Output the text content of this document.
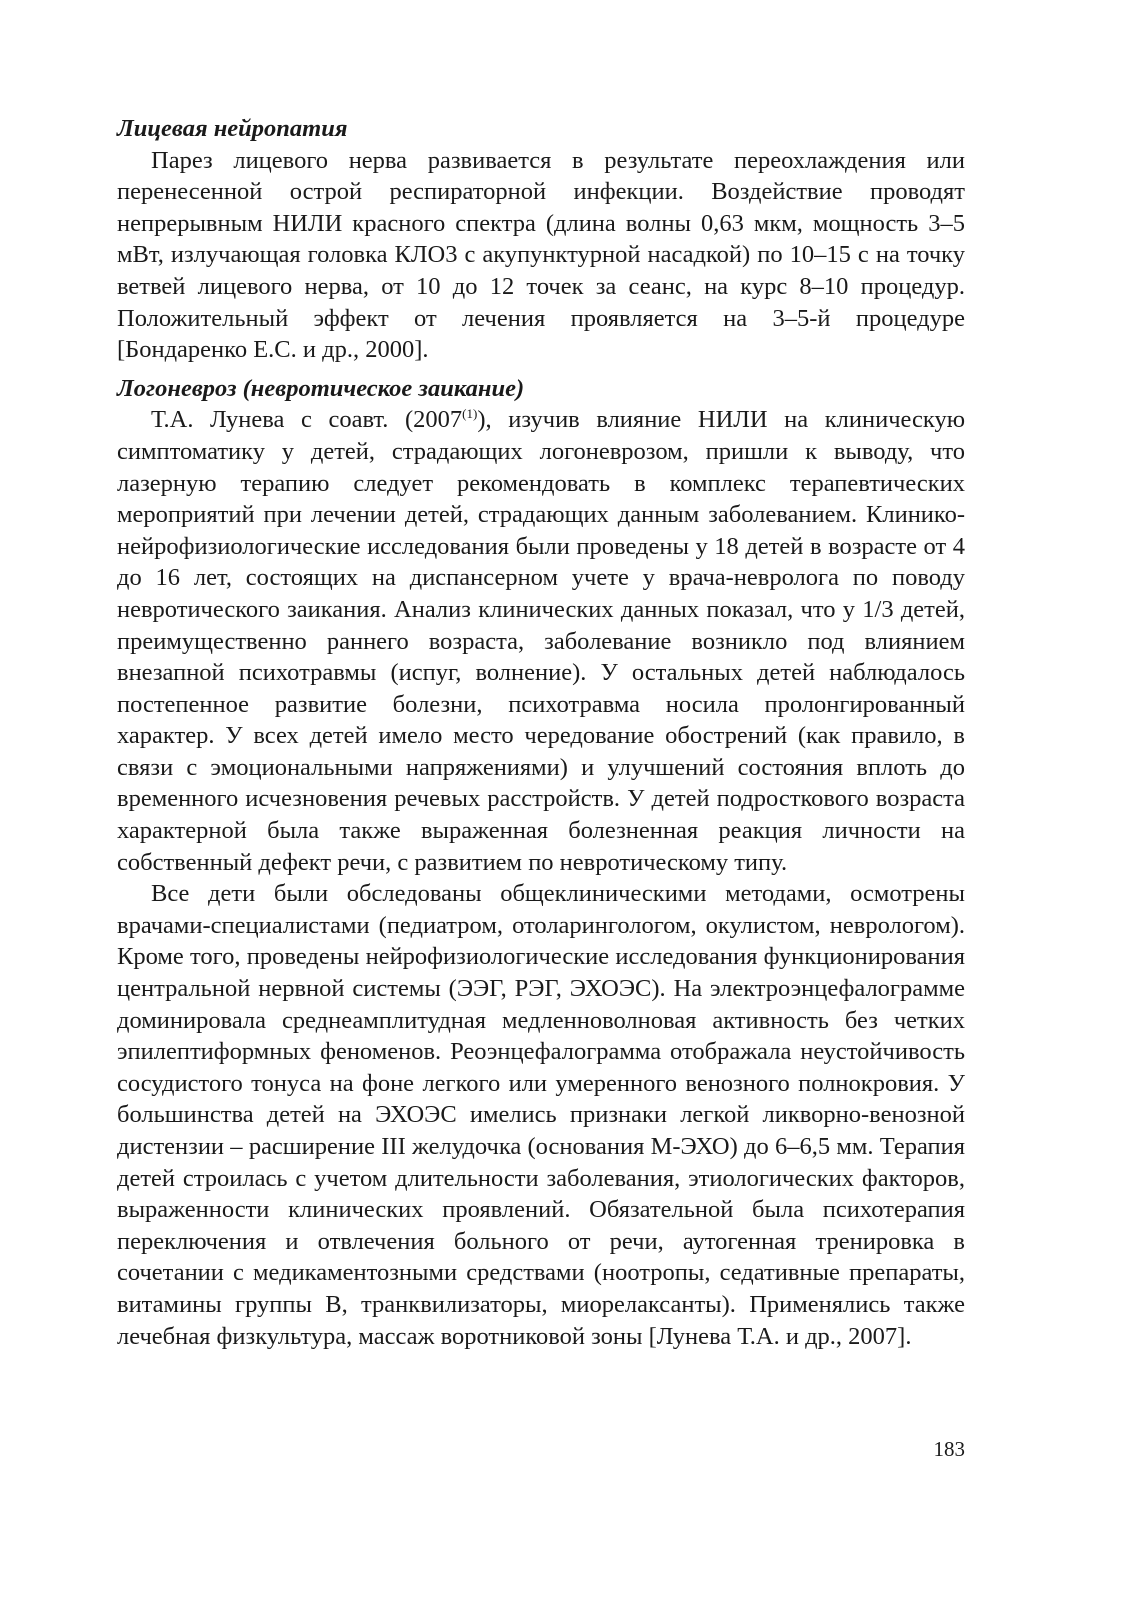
Лицевая нейропатия

Парез лицевого нерва развивается в результате переохлаждения или перенесенной острой респираторной инфекции. Воздействие проводят непрерывным НИЛИ красного спектра (длина волны 0,63 мкм, мощность 3–5 мВт, излучающая головка КЛО3 с акупунктурной насадкой) по 10–15 с на точку ветвей лицевого нерва, от 10 до 12 точек за сеанс, на курс 8–10 процедур. Положительный эффект от лечения проявляется на 3–5-й процедуре [Бондаренко Е.С. и др., 2000].

Логоневроз (невротическое заикание)

Т.А. Лунева с соавт. (2007$^{(1)}$), изучив влияние НИЛИ на клиническую симптоматику у детей, страдающих логоневрозом, пришли к выводу, что лазерную терапию следует рекомендовать в комплекс терапевтических мероприятий при лечении детей, страдающих данным заболеванием. Клинико-нейрофизиологические исследования были проведены у 18 детей в возрасте от 4 до 16 лет, состоящих на диспансерном учете у врача-невролога по поводу невротического заикания. Анализ клинических данных показал, что у 1/3 детей, преимущественно раннего возраста, заболевание возникло под влиянием внезапной психотравмы (испуг, волнение). У остальных детей наблюдалось постепенное развитие болезни, психотравма носила пролонгированный характер. У всех детей имело место чередование обострений (как правило, в связи с эмоциональными напряжениями) и улучшений состояния вплоть до временного исчезновения речевых расстройств. У детей подросткового возраста характерной была также выраженная болезненная реакция личности на собственный дефект речи, с развитием по невротическому типу.

Все дети были обследованы общеклиническими методами, осмотрены врачами-специалистами (педиатром, отоларингологом, окулистом, неврологом). Кроме того, проведены нейрофизиологические исследования функционирования центральной нервной системы (ЭЭГ, РЭГ, ЭХОЭС). На электроэнцефалограмме доминировала среднеамплитудная медленноволновая активность без четких эпилептиформных феноменов. Реоэнцефалограмма отображала неустойчивость сосудистого тонуса на фоне легкого или умеренного венозного полнокровия. У большинства детей на ЭХОЭС имелись признаки легкой ликворно-венозной дистензии – расширение III желудочка (основания М-ЭХО) до 6–6,5 мм. Терапия детей строилась с учетом длительности заболевания, этиологических факторов, выраженности клинических проявлений. Обязательной была психотерапия переключения и отвлечения больного от речи, аутогенная тренировка в сочетании с медикаментозными средствами (ноотропы, седативные препараты, витамины группы В, транквилизаторы, миорелаксанты). Применялись также лечебная физкультура, массаж воротниковой зоны [Лунева Т.А. и др., 2007].

183
